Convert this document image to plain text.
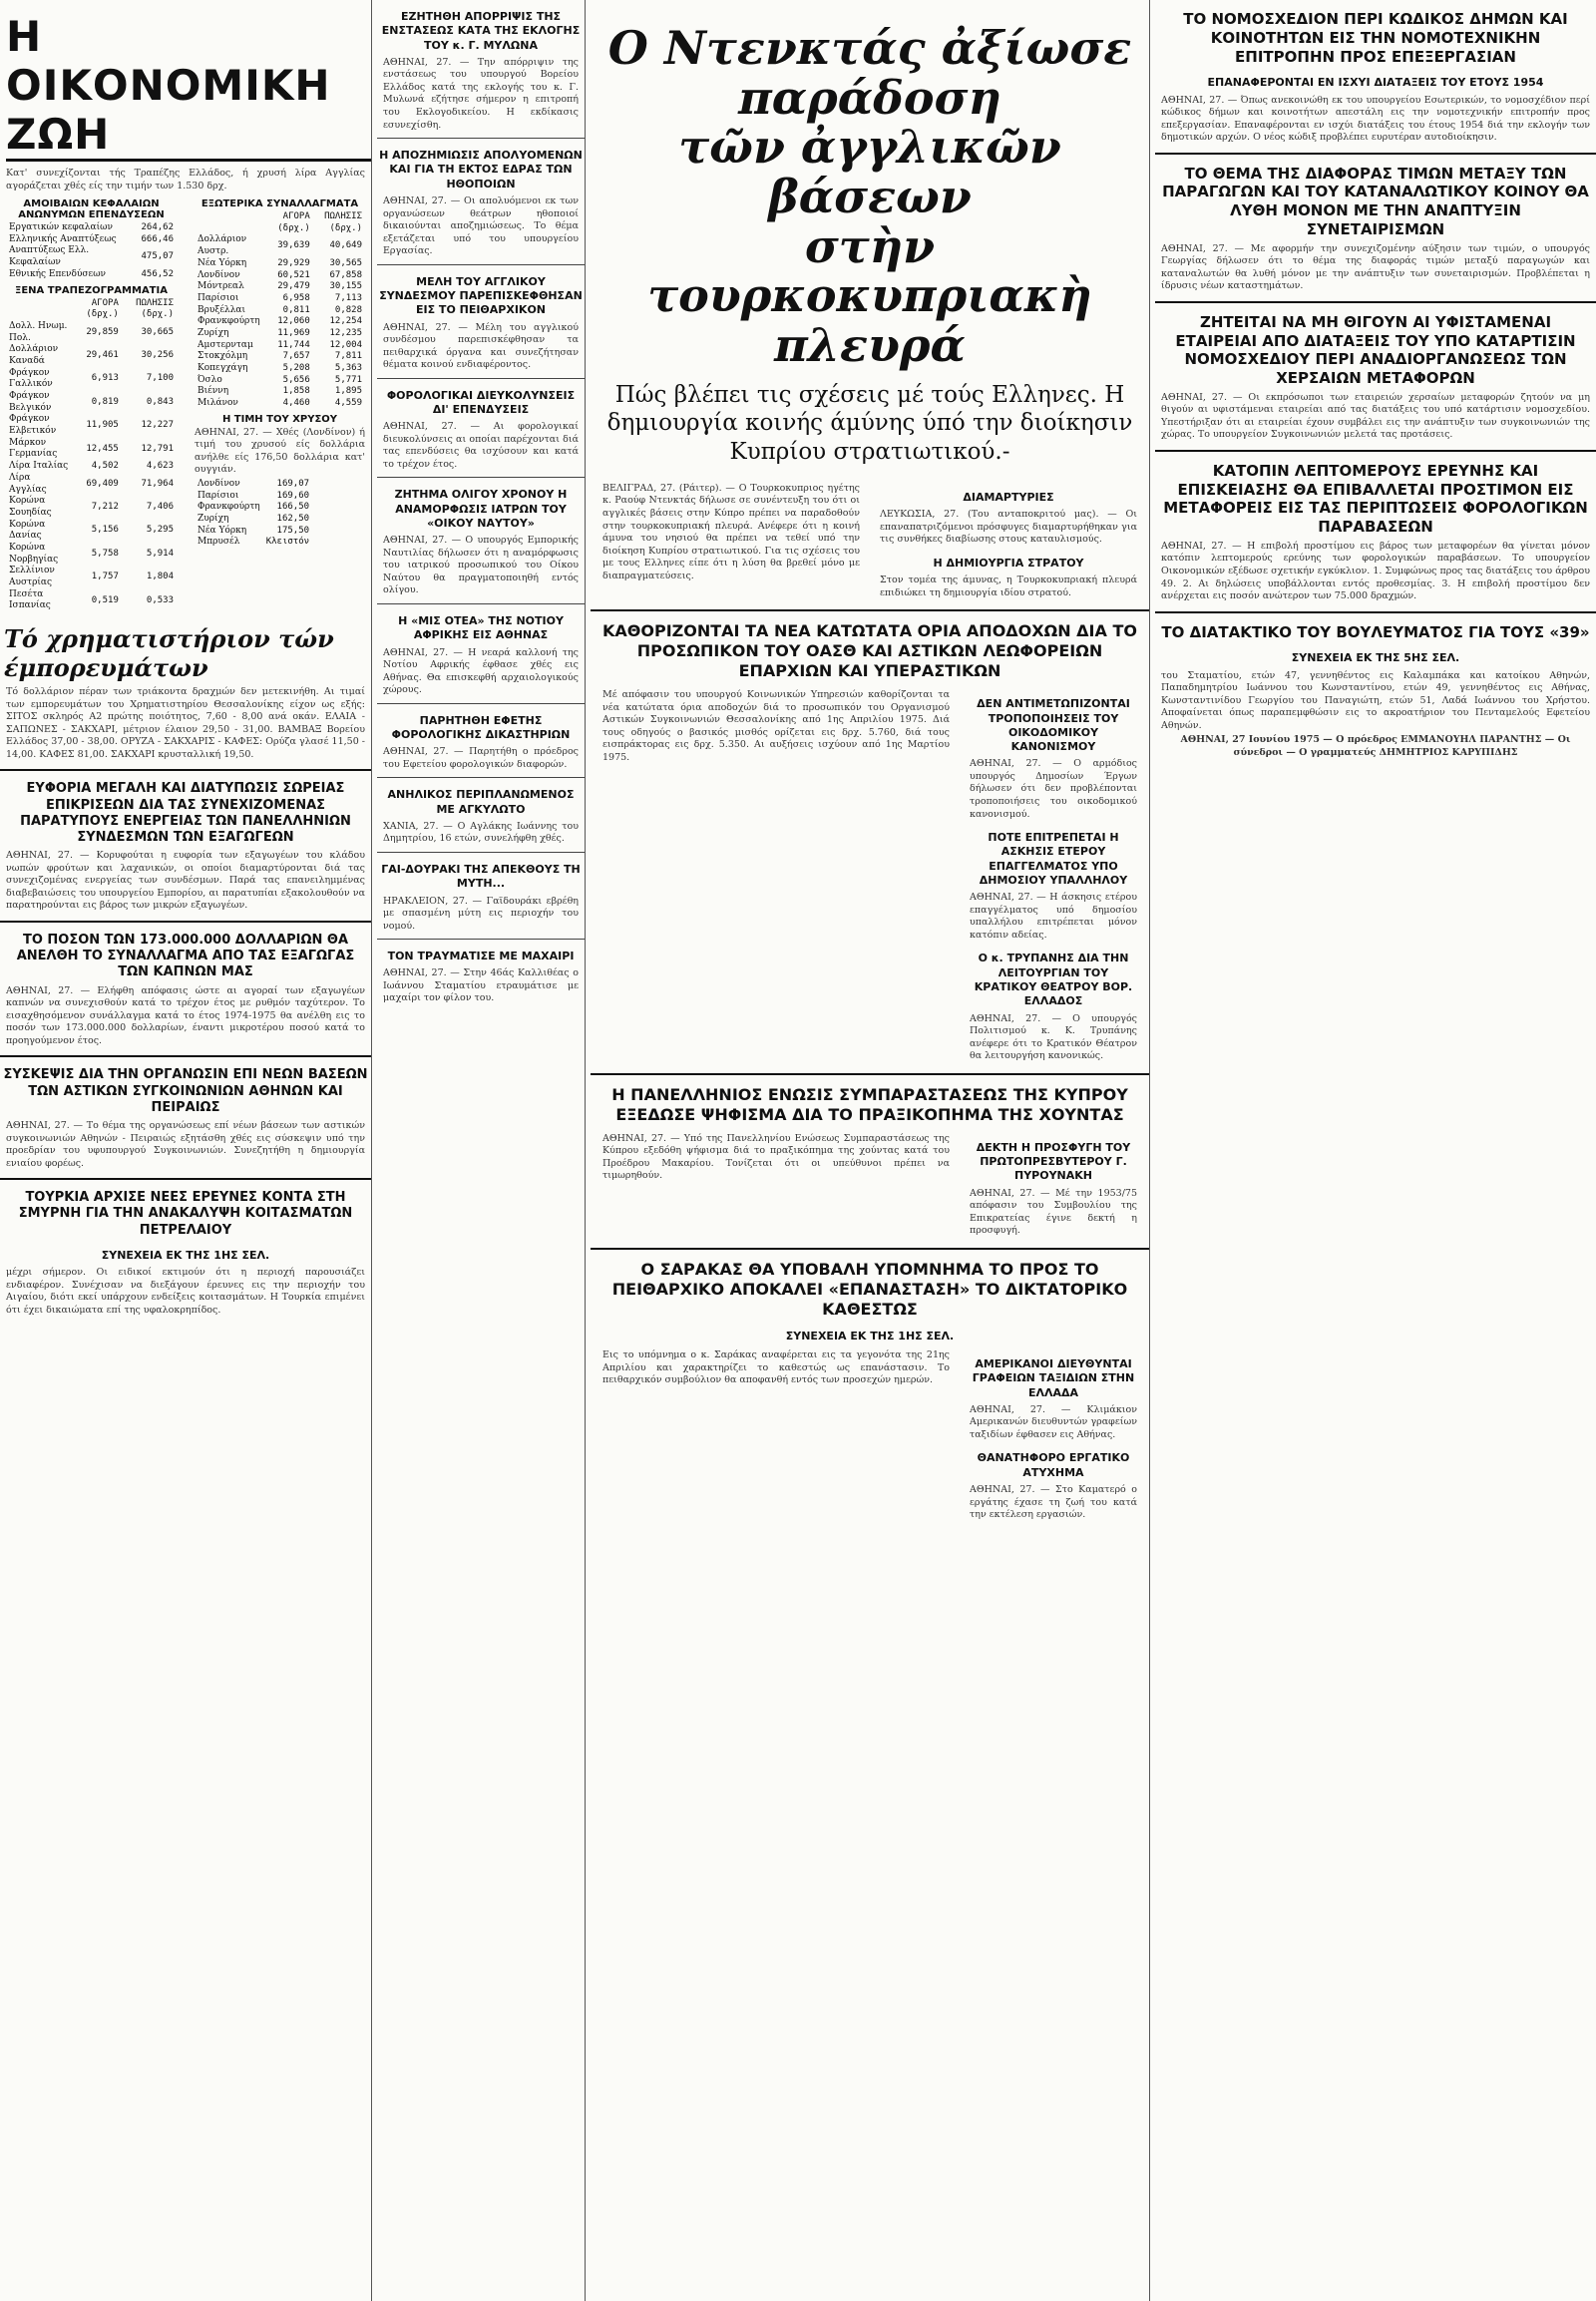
Η ΟΙΚΟΝΟΜΙΚΗ ΖΩΗ
Κατ' συνεχίζονται τής Τραπέζης Ελλάδος, ή χρυσή λίρα Αγγλίας αγοράζεται χθές είς την τιμήν των 1.530 δρχ.
ΑΜΟΙΒΑΙΩΝ ΚΕΦΑΛΑΙΩΝ ΑΝΩΝΥΜΩΝ ΕΠΕΝΔΥΣΕΩΝ
Εργατικών κεφαλαίων	264,62
Ελληνικής Αναπτύξεως	666,46
Αναπτύξεως Ελλ. Κεφαλαίων	475,07
Εθνικής Επενδύσεων	456,52
ΞΕΝΑ ΤΡΑΠΕΖΟΓΡΑΜΜΑΤΙΑ
	ΑΓΟΡΑ (δρχ.)	ΠΩΛΗΣΙΣ (δρχ.)
Δολλ. Ηνωμ. Πολ.	29,859	30,665
Δολλάριον Καναδά	29,461	30,256
Φράγκον Γαλλικόν	6,913	7,100
Φράγκον Βελγικόν	0,819	0,843
Φράγκον Ελβετικόν	11,905	12,227
Μάρκον Γερμανίας	12,455	12,791
Λίρα Ιταλίας	4,502	4,623
Λίρα Αγγλίας	69,409	71,964
Κορώνα Σουηδίας	7,212	7,406
Κορώνα Δανίας	5,156	5,295
Κορώνα Νορβηγίας	5,758	5,914
Σελλίνιον Αυστρίας	1,757	1,804
Πεσέτα Ισπανίας	0,519	0,533
ΕΞΩΤΕΡΙΚΑ ΣΥΝΑΛΛΑΓΜΑΤΑ
	ΑΓΟΡΑ (δρχ.)	ΠΩΛΗΣΙΣ (δρχ.)
Δολλάριον Αυστρ.	39,639	40,649
Νέα Υόρκη	29,929	30,565
Λονδίνον	60,521	67,858
Μόντρεαλ	29,479	30,155
Παρίσιοι	6,958	7,113
Βρυξέλλαι	0,811	0,828
Φρανκφούρτη	12,060	12,254
Ζυρίχη	11,969	12,235
Αμστερνταμ	11,744	12,004
Στοκχόλμη	7,657	7,811
Κοπεγχάγη	5,208	5,363
Όσλο	5,656	5,771
Βιέννη	1,858	1,895
Μιλάνον	4,460	4,559
Η ΤΙΜΗ ΤΟΥ ΧΡΥΣΟΥ
ΑΘΗΝΑΙ, 27. — Χθές (Λονδίνον) ή τιμή του χρυσού είς δολλάρια ανήλθε είς 176,50 δολλάρια κατ' ουγγιάν.
Λονδίνον	169,07
Παρίσιοι	169,60
Φρανκφούρτη	166,50
Ζυρίχη	162,50
Νέα Υόρκη	175,50
Μπρυσέλ	Κλειστόν
Τό χρηματιστήριον τών έμπορευμάτων
Τό δολλάριον πέραν των τριάκοντα δραχμών δεν μετεκινήθη. Αι τιμαί των εμπορευμάτων του Χρηματιστηρίου Θεσσαλονίκης είχον ως εξής: ΣΙΤΟΣ σκληρός Α2 πρώτης ποιότητος, 7,60 - 8,00 ανά οκάν. ΕΛΑΙΑ - ΣΑΠΩΝΕΣ - ΣΑΚΧΑΡΙ, μέτριον έλαιον 29,50 - 31,00. ΒΑΜΒΑΞ Βορείου Ελλάδος 37,00 - 38,00. ΟΡΥΖΑ - ΣΑΚΧΑΡΙΣ - ΚΑΦΕΣ: Ορύζα γλασέ 11,50 - 14,00. ΚΑΦΕΣ 81,00. ΣΑΚΧΑΡΙ κρυσταλλική 19,50.
ΕΥΦΟΡΙΑ ΜΕΓΑΛΗ ΚΑΙ ΔΙΑΤΥΠΩΣΙΣ ΣΩΡΕΙΑΣ ΕΠΙΚΡΙΣΕΩΝ ΔΙΑ ΤΑΣ ΣΥΝΕΧΙΖΟΜΕΝΑΣ ΠΑΡΑΤΥΠΟΥΣ ΕΝΕΡΓΕΙΑΣ ΤΩΝ ΠΑΝΕΛΛΗΝΙΩΝ ΣΥΝΔΕΣΜΩΝ ΤΩΝ ΕΞΑΓΩΓΕΩΝ
ΑΘΗΝΑΙ, 27. — Κορυφούται η ευφορία των εξαγωγέων του κλάδου νωπών φρούτων και λαχανικών, οι οποίοι διαμαρτύρονται διά τας συνεχιζομένας ενεργείας των συνδέσμων. Παρά τας επανειλημμένας διαβεβαιώσεις του υπουργείου Εμπορίου, αι παρατυπίαι εξακολουθούν να παρατηρούνται εις βάρος των μικρών εξαγωγέων.
ΤΟ ΠΟΣΟΝ ΤΩΝ 173.000.000 ΔΟΛΛΑΡΙΩΝ ΘΑ ΑΝΕΛΘΗ ΤΟ ΣΥΝΑΛΛΑΓΜΑ ΑΠΟ ΤΑΣ ΕΞΑΓΩΓΑΣ ΤΩΝ ΚΑΠΝΩΝ ΜΑΣ
ΑΘΗΝΑΙ, 27. — Ελήφθη απόφασις ώστε αι αγοραί των εξαγωγέων καπνών να συνεχισθούν κατά το τρέχον έτος με ρυθμόν ταχύτερον. Το εισαχθησόμενον συνάλλαγμα κατά το έτος 1974-1975 θα ανέλθη εις το ποσόν των 173.000.000 δολλαρίων, έναντι μικροτέρου ποσού κατά το προηγούμενον έτος.
ΣΥΣΚΕΨΙΣ ΔΙΑ ΤΗΝ ΟΡΓΑΝΩΣΙΝ ΕΠΙ ΝΕΩΝ ΒΑΣΕΩΝ ΤΩΝ ΑΣΤΙΚΩΝ ΣΥΓΚΟΙΝΩΝΙΩΝ ΑΘΗΝΩΝ ΚΑΙ ΠΕΙΡΑΙΩΣ
ΑΘΗΝΑΙ, 27. — Το θέμα της οργανώσεως επί νέων βάσεων των αστικών συγκοινωνιών Αθηνών - Πειραιώς εξητάσθη χθές εις σύσκεψιν υπό την προεδρίαν του υφυπουργού Συγκοινωνιών. Συνεζητήθη η δημιουργία ενιαίου φορέως.
ΤΟΥΡΚΙΑ ΑΡΧΙΣΕ ΝΕΕΣ ΕΡΕΥΝΕΣ ΚΟΝΤΑ ΣΤΗ ΣΜΥΡΝΗ ΓΙΑ ΤΗΝ ΑΝΑΚΑΛΥΨΗ ΚΟΙΤΑΣΜΑΤΩΝ ΠΕΤΡΕΛΑΙΟΥ
ΣΥΝΕΧΕΙΑ ΕΚ ΤΗΣ 1ΗΣ ΣΕΛ.
μέχρι σήμερον. Οι ειδικοί εκτιμούν ότι η περιοχή παρουσιάζει ενδιαφέρον. Συνέχισαν να διεξάγουν έρευνες εις την περιοχήν του Αιγαίου, διότι εκεί υπάρχουν ενδείξεις κοιτασμάτων. Η Τουρκία επιμένει ότι έχει δικαιώματα επί της υφαλοκρηπίδος.
ΕΖΗΤΗΘΗ ΑΠΟΡΡΙΨΙΣ ΤΗΣ ΕΝΣΤΑΣΕΩΣ ΚΑΤΑ ΤΗΣ ΕΚΛΟΓΗΣ ΤΟΥ κ. Γ. ΜΥΛΩΝΑ
ΑΘΗΝΑΙ, 27. — Την απόρριψιν της ενστάσεως του υπουργού Βορείου Ελλάδος κατά της εκλογής του κ. Γ. Μυλωνά εζήτησε σήμερον η επιτροπή του Εκλογοδικείου. Η εκδίκασις εσυνεχίσθη.
Η ΑΠΟΖΗΜΙΩΣΙΣ ΑΠΟΛΥΟΜΕΝΩΝ ΚΑΙ ΓΙΑ ΤΗ ΕΚΤΟΣ ΕΔΡΑΣ ΤΩΝ ΗΘΟΠΟΙΩΝ
ΑΘΗΝΑΙ, 27. — Οι απολυόμενοι εκ των οργανώσεων θεάτρων ηθοποιοί δικαιούνται αποζημιώσεως. Το θέμα εξετάζεται υπό του υπουργείου Εργασίας.
ΜΕΛΗ ΤΟΥ ΑΓΓΛΙΚΟΥ ΣΥΝΔΕΣΜΟΥ ΠΑΡΕΠΙΣΚΕΦΘΗΣΑΝ ΕΙΣ ΤΟ ΠΕΙΘΑΡΧΙΚΟΝ
ΑΘΗΝΑΙ, 27. — Μέλη του αγγλικού συνδέσμου παρεπισκέφθησαν τα πειθαρχικά όργανα και συνεζήτησαν θέματα κοινού ενδιαφέροντος.
ΦΟΡΟΛΟΓΙΚΑΙ ΔΙΕΥΚΟΛΥΝΣΕΙΣ ΔΙ' ΕΠΕΝΔΥΣΕΙΣ
ΑΘΗΝΑΙ, 27. — Αι φορολογικαί διευκολύνσεις αι οποίαι παρέχονται διά τας επενδύσεις θα ισχύσουν και κατά το τρέχον έτος.
ΖΗΤΗΜΑ ΟΛΙΓΟΥ ΧΡΟΝΟΥ Η ΑΝΑΜΟΡΦΩΣΙΣ ΙΑΤΡΩΝ ΤΟΥ «ΟΙΚΟΥ ΝΑΥΤΟΥ»
ΑΘΗΝΑΙ, 27. — Ο υπουργός Εμπορικής Ναυτιλίας δήλωσεν ότι η αναμόρφωσις του ιατρικού προσωπικού του Οίκου Ναύτου θα πραγματοποιηθή εντός ολίγου.
Η «ΜΙΣ ΟΤΕΑ» ΤΗΣ ΝΟΤΙΟΥ ΑΦΡΙΚΗΣ ΕΙΣ ΑΘΗΝΑΣ
ΑΘΗΝΑΙ, 27. — Η νεαρά καλλονή της Νοτίου Αφρικής έφθασε χθές εις Αθήνας. Θα επισκεφθή αρχαιολογικούς χώρους.
ΠΑΡΗΤΗΘΗ ΕΦΕΤΗΣ ΦΟΡΟΛΟΓΙΚΗΣ ΔΙΚΑΣΤΗΡΙΩΝ
ΑΘΗΝΑΙ, 27. — Παρητήθη ο πρόεδρος του Εφετείου φορολογικών διαφορών.
ΑΝΗΛΙΚΟΣ ΠΕΡΙΠΛΑΝΩΜΕΝΟΣ ΜΕ ΑΓΚΥΛΩΤΟ
ΧΑΝΙΑ, 27. — Ο Αγλάκης Ιωάννης του Δημητρίου, 16 ετών, συνελήφθη χθές.
ΓΑΙ-ΔΟΥΡΑΚΙ ΤΗΣ ΑΠΕΚΘΟΥΣ ΤΗ ΜΥΤΗ...
ΗΡΑΚΛΕΙΟΝ, 27. — Γαϊδουράκι εβρέθη με σπασμένη μύτη εις περιοχήν του νομού.
ΤΟΝ ΤΡΑΥΜΑΤΙΣΕ ΜΕ ΜΑΧΑΙΡΙ
ΑΘΗΝΑΙ, 27. — Στην 46άς Καλλιθέας ο Ιωάννου Σταματίου ετραυμάτισε με μαχαίρι τον φίλον του.
Ο Ντενκτάς ἀξίωσε παράδοση
τῶν ἀγγλικῶν βάσεων
στὴν τουρκοκυπριακὴ πλευρά
Πώς βλέπει τις σχέσεις μέ τούς Ελληνες. Η δημιουργία κοινής άμύνης ύπό την διοίκησιν Κυπρίου στρατιωτικού.-
ΒΕΛΙΓΡΑΔ, 27. (Ράιτερ). — Ο Τουρκοκυπριος ηγέτης κ. Ραούφ Ντενκτάς δήλωσε σε συνέντευξη του ότι οι αγγλικές βάσεις στην Κύπρο πρέπει να παραδοθούν στην τουρκοκυπριακή πλευρά. Ανέφερε ότι η κοινή άμυνα του νησιού θα πρέπει να τεθεί υπό την διοίκηση Κυπρίου στρατιωτικού. Για τις σχέσεις του με τους Ελληνες είπε ότι η λύση θα βρεθεί μόνο με διαπραγματεύσεις.
ΔΙΑΜΑΡΤΥΡΙΕΣ
ΛΕΥΚΩΣΙΑ, 27. (Του ανταποκριτού μας). — Οι επαναπατριζόμενοι πρόσφυγες διαμαρτυρήθηκαν για τις συνθήκες διαβίωσης στους καταυλισμούς.
Η ΔΗΜΙΟΥΡΓΙΑ ΣΤΡΑΤΟΥ
Στον τομέα της άμυνας, η Τουρκοκυπριακή πλευρά επιδιώκει τη δημιουργία ιδίου στρατού.
ΚΑΘΟΡΙΖΟΝΤΑΙ ΤΑ ΝΕΑ ΚΑΤΩΤΑΤΑ ΟΡΙΑ ΑΠΟΔΟΧΩΝ ΔΙΑ ΤΟ ΠΡΟΣΩΠΙΚΟΝ ΤΟΥ ΟΑΣΘ ΚΑΙ ΑΣΤΙΚΩΝ ΛΕΩΦΟΡΕΙΩΝ ΕΠΑΡΧΙΩΝ ΚΑΙ ΥΠΕΡΑΣΤΙΚΩΝ
Μέ απόφασιν του υπουργού Κοινωνικών Υπηρεσιών καθορίζονται τα νέα κατώτατα όρια αποδοχών διά το προσωπικόν του Οργανισμού Αστικών Συγκοινωνιών Θεσσαλονίκης από 1ης Απριλίου 1975. Διά τους οδηγούς ο βασικός μισθός ορίζεται εις δρχ. 5.760, διά τους εισπράκτορας εις δρχ. 5.350. Αι αυξήσεις ισχύουν από 1ης Μαρτίου 1975.
ΔΕΝ ΑΝΤΙΜΕΤΩΠΙΖΟΝΤΑΙ ΤΡΟΠΟΠΟΙΗΣΕΙΣ ΤΟΥ ΟΙΚΟΔΟΜΙΚΟΥ ΚΑΝΟΝΙΣΜΟΥ
ΑΘΗΝΑΙ, 27. — Ο αρμόδιος υπουργός Δημοσίων Έργων δήλωσεν ότι δεν προβλέπονται τροποποιήσεις του οικοδομικού κανονισμού.
ΠΟΤΕ ΕΠΙΤΡΕΠΕΤΑΙ Η ΑΣΚΗΣΙΣ ΕΤΕΡΟΥ ΕΠΑΓΓΕΛΜΑΤΟΣ ΥΠΟ ΔΗΜΟΣΙΟΥ ΥΠΑΛΛΗΛΟΥ
ΑΘΗΝΑΙ, 27. — Η άσκησις ετέρου επαγγέλματος υπό δημοσίου υπαλλήλου επιτρέπεται μόνον κατόπιν αδείας.
Ο κ. ΤΡΥΠΑΝΗΣ ΔΙΑ ΤΗΝ ΛΕΙΤΟΥΡΓΙΑΝ ΤΟΥ ΚΡΑΤΙΚΟΥ ΘΕΑΤΡΟΥ ΒΟΡ. ΕΛΛΑΔΟΣ
ΑΘΗΝΑΙ, 27. — Ο υπουργός Πολιτισμού κ. Κ. Τρυπάνης ανέφερε ότι το Κρατικόν Θέατρον θα λειτουργήση κανονικώς.
Η ΠΑΝΕΛΛΗΝΙΟΣ ΕΝΩΣΙΣ ΣΥΜΠΑΡΑΣΤΑΣΕΩΣ ΤΗΣ ΚΥΠΡΟΥ ΕΞΕΔΩΣΕ ΨΗΦΙΣΜΑ ΔΙΑ ΤΟ ΠΡΑΞΙΚΟΠΗΜΑ ΤΗΣ ΧΟΥΝΤΑΣ
ΑΘΗΝΑΙ, 27. — Υπό της Πανελληνίου Ενώσεως Συμπαραστάσεως της Κύπρου εξεδόθη ψήφισμα διά το πραξικόπημα της χούντας κατά του Προέδρου Μακαρίου. Τονίζεται ότι οι υπεύθυνοι πρέπει να τιμωρηθούν.
ΔΕΚΤΗ Η ΠΡΟΣΦΥΓΗ ΤΟΥ ΠΡΩΤΟΠΡΕΣΒΥΤΕΡΟΥ Γ. ΠΥΡΟΥΝΑΚΗ
ΑΘΗΝΑΙ, 27. — Μέ την 1953/75 απόφασιν του Συμβουλίου της Επικρατείας έγινε δεκτή η προσφυγή.
Ο ΣΑΡΑΚΑΣ ΘΑ ΥΠΟΒΑΛΗ ΥΠΟΜΝΗΜΑ ΤΟ ΠΡΟΣ ΤΟ ΠΕΙΘΑΡΧΙΚΟ ΑΠΟΚΑΛΕΙ «ΕΠΑΝΑΣΤΑΣΗ» ΤΟ ΔΙΚΤΑΤΟΡΙΚΟ ΚΑΘΕΣΤΩΣ
ΣΥΝΕΧΕΙΑ ΕΚ ΤΗΣ 1ΗΣ ΣΕΛ.
Εις το υπόμνημα ο κ. Σαράκας αναφέρεται εις τα γεγονότα της 21ης Απριλίου και χαρακτηρίζει το καθεστώς ως επανάστασιν. Το πειθαρχικόν συμβούλιον θα αποφανθή εντός των προσεχών ημερών.
ΑΜΕΡΙΚΑΝΟΙ ΔΙΕΥΘΥΝΤΑΙ ΓΡΑΦΕΙΩΝ ΤΑΞΙΔΙΩΝ ΣΤΗΝ ΕΛΛΑΔΑ
ΑΘΗΝΑΙ, 27. — Κλιμάκιον Αμερικανών διευθυντών γραφείων ταξιδίων έφθασεν εις Αθήνας.
ΘΑΝΑΤΗΦΟΡΟ ΕΡΓΑΤΙΚΟ ΑΤΥΧΗΜΑ
ΑΘΗΝΑΙ, 27. — Στο Καματερό ο εργάτης έχασε τη ζωή του κατά την εκτέλεση εργασιών.
ΤΟ ΝΟΜΟΣΧΕΔΙΟΝ ΠΕΡΙ ΚΩΔΙΚΟΣ ΔΗΜΩΝ ΚΑΙ ΚΟΙΝΟΤΗΤΩΝ ΕΙΣ ΤΗΝ ΝΟΜΟΤΕΧΝΙΚΗΝ ΕΠΙΤΡΟΠΗΝ ΠΡΟΣ ΕΠΕΞΕΡΓΑΣΙΑΝ
ΕΠΑΝΑΦΕΡΟΝΤΑΙ ΕΝ ΙΣΧΥΙ ΔΙΑΤΑΞΕΙΣ ΤΟΥ ΕΤΟΥΣ 1954
ΑΘΗΝΑΙ, 27. — Όπως ανεκοινώθη εκ του υπουργείου Εσωτερικών, το νομοσχέδιον περί κώδικος δήμων και κοινοτήτων απεστάλη εις την νομοτεχνικήν επιτροπήν προς επεξεργασίαν. Επαναφέρονται εν ισχύι διατάξεις του έτους 1954 διά την εκλογήν των δημοτικών αρχών. Ο νέος κώδιξ προβλέπει ευρυτέραν αυτοδιοίκησιν.
ΤΟ ΘΕΜΑ ΤΗΣ ΔΙΑΦΟΡΑΣ ΤΙΜΩΝ ΜΕΤΑΞΥ ΤΩΝ ΠΑΡΑΓΩΓΩΝ ΚΑΙ ΤΟΥ ΚΑΤΑΝΑΛΩΤΙΚΟΥ ΚΟΙΝΟΥ ΘΑ ΛΥΘΗ ΜΟΝΟΝ ΜΕ ΤΗΝ ΑΝΑΠΤΥΞΙΝ ΣΥΝΕΤΑΙΡΙΣΜΩΝ
ΑΘΗΝΑΙ, 27. — Με αφορμήν την συνεχιζομένην αύξησιν των τιμών, ο υπουργός Γεωργίας δήλωσεν ότι το θέμα της διαφοράς τιμών μεταξύ παραγωγών και καταναλωτών θα λυθή μόνον με την ανάπτυξιν των συνεταιρισμών. Προβλέπεται η ίδρυσις νέων καταστημάτων.
ΖΗΤΕΙΤΑΙ ΝΑ ΜΗ ΘΙΓΟΥΝ ΑΙ ΥΦΙΣΤΑΜΕΝΑΙ ΕΤΑΙΡΕΙΑΙ ΑΠΟ ΔΙΑΤΑΞΕΙΣ ΤΟΥ ΥΠΟ ΚΑΤΑΡΤΙΣΙΝ ΝΟΜΟΣΧΕΔΙΟΥ ΠΕΡΙ ΑΝΑΔΙΟΡΓΑΝΩΣΕΩΣ ΤΩΝ ΧΕΡΣΑΙΩΝ ΜΕΤΑΦΟΡΩΝ
ΑΘΗΝΑΙ, 27. — Οι εκπρόσωποι των εταιρειών χερσαίων μεταφορών ζητούν να μη θιγούν αι υφιστάμεναι εταιρείαι από τας διατάξεις του υπό κατάρτισιν νομοσχεδίου. Υπεστήριξαν ότι αι εταιρείαι έχουν συμβάλει εις την ανάπτυξιν των συγκοινωνιών της χώρας. Το υπουργείον Συγκοινωνιών μελετά τας προτάσεις.
ΚΑΤΟΠΙΝ ΛΕΠΤΟΜΕΡΟΥΣ ΕΡΕΥΝΗΣ ΚΑΙ ΕΠΙΣΚΕΙΑΣΗΣ ΘΑ ΕΠΙΒΑΛΛΕΤΑΙ ΠΡΟΣΤΙΜΟΝ ΕΙΣ ΜΕΤΑΦΟΡΕΙΣ ΕΙΣ ΤΑΣ ΠΕΡΙΠΤΩΣΕΙΣ ΦΟΡΟΛΟΓΙΚΩΝ ΠΑΡΑΒΑΣΕΩΝ
ΑΘΗΝΑΙ, 27. — Η επιβολή προστίμου εις βάρος των μεταφορέων θα γίνεται μόνον κατόπιν λεπτομερούς ερεύνης των φορολογικών παραβάσεων. Το υπουργείον Οικονομικών εξέδωσε σχετικήν εγκύκλιον. 1. Συμφώνως προς τας διατάξεις του άρθρου 49. 2. Αι δηλώσεις υποβάλλονται εντός προθεσμίας. 3. Η επιβολή προστίμου δεν ανέρχεται εις ποσόν ανώτερον των 75.000 δραχμών.
ΤΟ ΔΙΑΤΑΚΤΙΚΟ ΤΟΥ ΒΟΥΛΕΥΜΑΤΟΣ ΓΙΑ ΤΟΥΣ «39»
ΣΥΝΕΧΕΙΑ ΕΚ ΤΗΣ 5ΗΣ ΣΕΛ.
του Σταματίου, ετών 47, γεννηθέντος εις Καλαμπάκα και κατοίκου Αθηνών, Παπαδημητρίου Ιωάννου του Κωνσταντίνου, ετών 49, γεννηθέντος εις Αθήνας, Κωνσταντινίδου Γεωργίου του Παναγιώτη, ετών 51, Λαδά Ιωάννου του Χρήστου. Αποφαίνεται όπως παραπεμφθώσιν εις το ακροατήριον του Πενταμελούς Εφετείου Αθηνών.
ΑΘΗΝΑΙ, 27 Ιουνίου 1975 — Ο πρόεδρος ΕΜΜΑΝΟΥΗΛ ΠΑΡΑΝΤΗΣ — Οι σύνεδροι — Ο γραμματεύς ΔΗΜΗΤΡΙΟΣ ΚΑΡΥΠΙΔΗΣ
